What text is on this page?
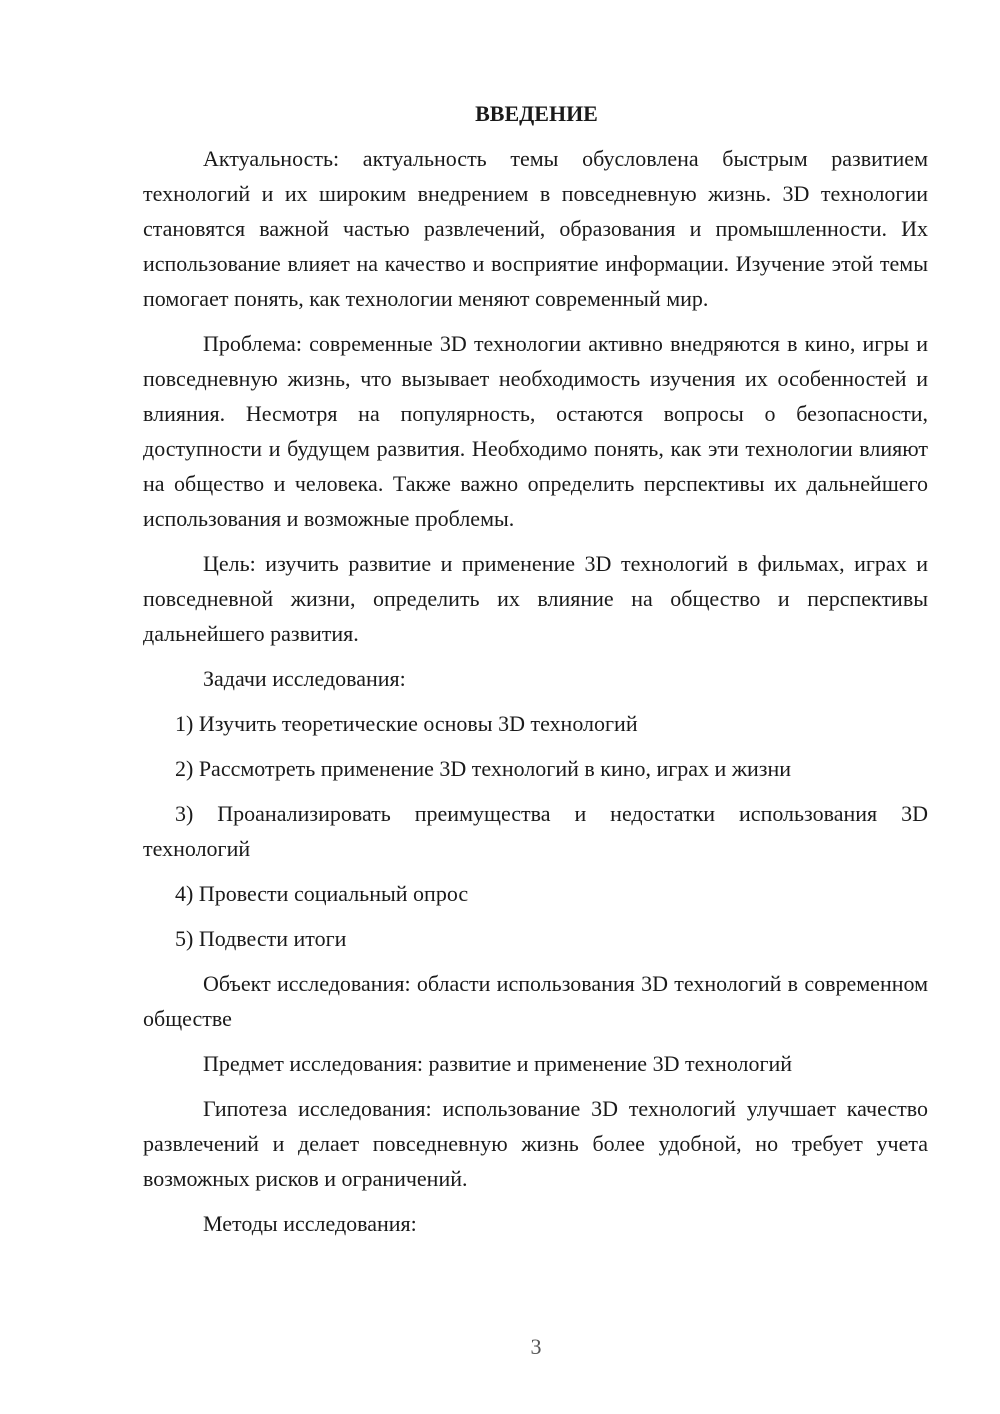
ВВЕДЕНИЕ

Актуальность: актуальность темы обусловлена быстрым развитием технологий и их широким внедрением в повседневную жизнь. 3D технологии становятся важной частью развлечений, образования и промышленности. Их использование влияет на качество и восприятие информации. Изучение этой темы помогает понять, как технологии меняют современный мир.

Проблема: современные 3D технологии активно внедряются в кино, игры и повседневную жизнь, что вызывает необходимость изучения их особенностей и влияния. Несмотря на популярность, остаются вопросы о безопасности, доступности и будущем развития. Необходимо понять, как эти технологии влияют на общество и человека. Также важно определить перспективы их дальнейшего использования и возможные проблемы.

Цель: изучить развитие и применение 3D технологий в фильмах, играх и повседневной жизни, определить их влияние на общество и перспективы дальнейшего развития.

Задачи исследования:

1) Изучить теоретические основы 3D технологий

2) Рассмотреть применение 3D технологий в кино, играх и жизни

3) Проанализировать преимущества и недостатки использования 3D технологий

4) Провести социальный опрос

5) Подвести итоги

Объект исследования: области использования 3D технологий в современном обществе

Предмет исследования: развитие и применение 3D технологий

Гипотеза исследования: использование 3D технологий улучшает качество развлечений и делает повседневную жизнь более удобной, но требует учета возможных рисков и ограничений.

Методы исследования:

3
